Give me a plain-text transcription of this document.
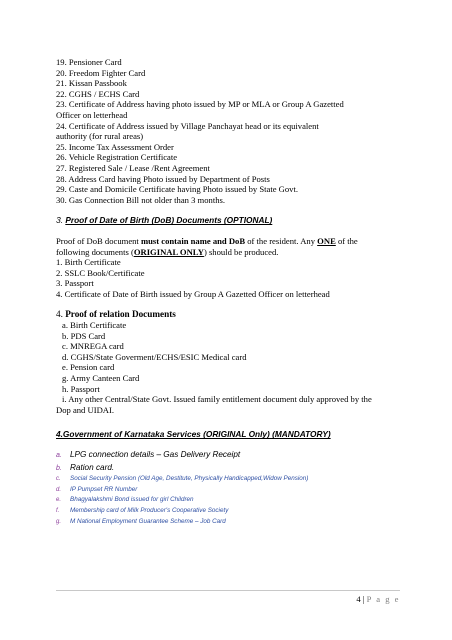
19. Pensioner Card
20. Freedom Fighter Card
21. Kissan Passbook
22. CGHS / ECHS Card
23. Certificate of Address having photo issued by MP or MLA or Group A Gazetted
Officer on letterhead
24. Certificate of Address issued by Village Panchayat head or its equivalent
authority (for rural areas)
25. Income Tax Assessment Order
26. Vehicle Registration Certificate
27. Registered Sale / Lease /Rent Agreement
28. Address Card having Photo issued by Department of Posts
29. Caste and Domicile Certificate having Photo issued by State Govt.
30. Gas Connection Bill not older than 3 months.
3. Proof of Date of Birth (DoB) Documents (OPTIONAL)
Proof of DoB document must contain name and DoB of the resident. Any ONE of the
following documents (ORIGINAL ONLY) should be produced.
1. Birth Certificate
2. SSLC Book/Certificate
3. Passport
4. Certificate of Date of Birth issued by Group A Gazetted Officer on letterhead
4. Proof of relation Documents
a. Birth Certificate
b. PDS Card
c. MNREGA card
d. CGHS/State Goverment/ECHS/ESIC Medical card
e. Pension card
g. Army Canteen Card
h. Passport
i. Any other Central/State Govt. Issued family entitlement document duly approved by the
Dop and UIDAI.
4.Government of Karnataka Services (ORIGINAL Only) (MANDATORY)
a. LPG connection details – Gas Delivery Receipt
b. Ration card.
c.	Social Security Pension (Old Age, Destitute, Physically Handicapped,Widow Pension)
d.	IP Pumpset RR Number
e.	Bhagyalakshmi Bond issued for girl Children
f.	Membership card of Milk Producer's Cooperative Society
g.	M National Employment Guarantee Scheme – Job Card
4 | P a g e
